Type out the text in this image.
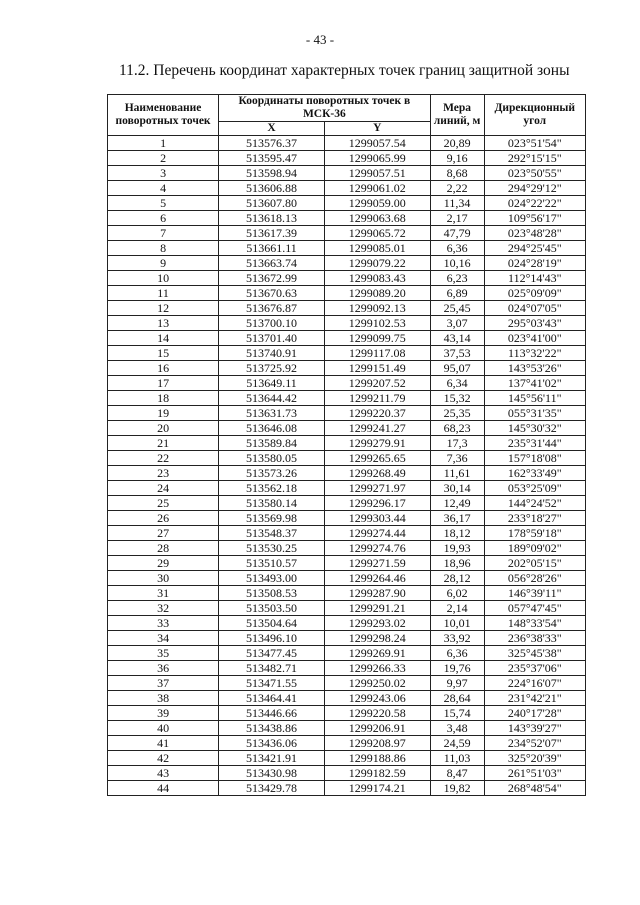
- 43 -
11.2. Перечень координат характерных точек границ защитной зоны
Наименование поворотных точек	Координаты поворотных точек в МСК-36		Мера линий, м	Дирекционный угол
	X	Y		
1	513576.37	1299057.54	20,89	023°51'54"
2	513595.47	1299065.99	9,16	292°15'15"
3	513598.94	1299057.51	8,68	023°50'55"
4	513606.88	1299061.02	2,22	294°29'12"
5	513607.80	1299059.00	11,34	024°22'22"
6	513618.13	1299063.68	2,17	109°56'17"
7	513617.39	1299065.72	47,79	023°48'28"
8	513661.11	1299085.01	6,36	294°25'45"
9	513663.74	1299079.22	10,16	024°28'19"
10	513672.99	1299083.43	6,23	112°14'43"
11	513670.63	1299089.20	6,89	025°09'09"
12	513676.87	1299092.13	25,45	024°07'05"
13	513700.10	1299102.53	3,07	295°03'43"
14	513701.40	1299099.75	43,14	023°41'00"
15	513740.91	1299117.08	37,53	113°32'22"
16	513725.92	1299151.49	95,07	143°53'26"
17	513649.11	1299207.52	6,34	137°41'02"
18	513644.42	1299211.79	15,32	145°56'11"
19	513631.73	1299220.37	25,35	055°31'35"
20	513646.08	1299241.27	68,23	145°30'32"
21	513589.84	1299279.91	17,3	235°31'44"
22	513580.05	1299265.65	7,36	157°18'08"
23	513573.26	1299268.49	11,61	162°33'49"
24	513562.18	1299271.97	30,14	053°25'09"
25	513580.14	1299296.17	12,49	144°24'52"
26	513569.98	1299303.44	36,17	233°18'27"
27	513548.37	1299274.44	18,12	178°59'18"
28	513530.25	1299274.76	19,93	189°09'02"
29	513510.57	1299271.59	18,96	202°05'15"
30	513493.00	1299264.46	28,12	056°28'26"
31	513508.53	1299287.90	6,02	146°39'11"
32	513503.50	1299291.21	2,14	057°47'45"
33	513504.64	1299293.02	10,01	148°33'54"
34	513496.10	1299298.24	33,92	236°38'33"
35	513477.45	1299269.91	6,36	325°45'38"
36	513482.71	1299266.33	19,76	235°37'06"
37	513471.55	1299250.02	9,97	224°16'07"
38	513464.41	1299243.06	28,64	231°42'21"
39	513446.66	1299220.58	15,74	240°17'28"
40	513438.86	1299206.91	3,48	143°39'27"
41	513436.06	1299208.97	24,59	234°52'07"
42	513421.91	1299188.86	11,03	325°20'39"
43	513430.98	1299182.59	8,47	261°51'03"
44	513429.78	1299174.21	19,82	268°48'54"
